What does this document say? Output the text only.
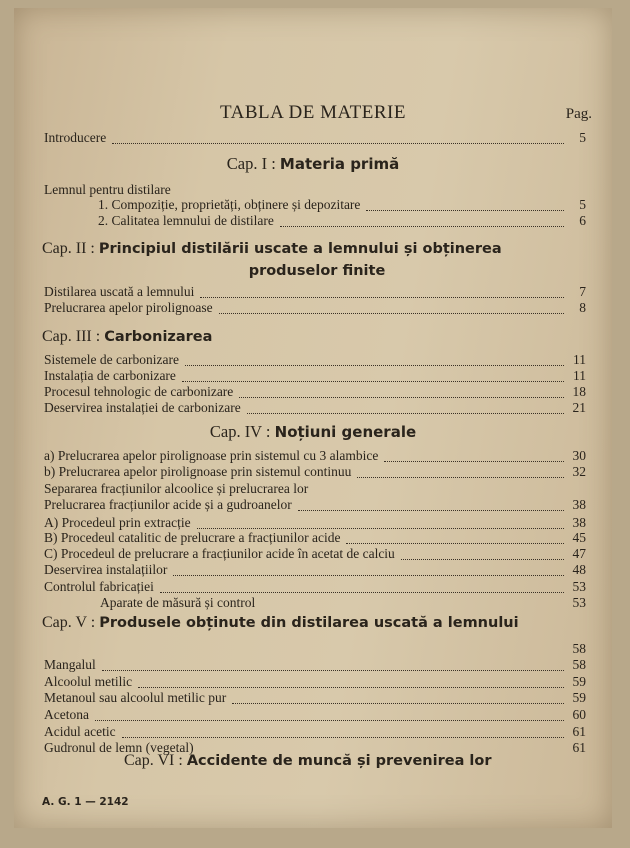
TABLA DE MATERIE	Pag.
Introducere	5
Cap. I : Materia primă
Lemnul pentru distilare
1. Compoziție, proprietăți, obținere și depozitare	5
2. Calitatea lemnului de distilare	6
Cap. II : Principiul distilării uscate a lemnului și obținerea
produselor finite
Distilarea uscată a lemnului	7
Prelucrarea apelor pirolignoase	8
Cap. III : Carbonizarea
Sistemele de carbonizare	11
Instalația de carbonizare	11
Procesul tehnologic de carbonizare	18
Deservirea instalației de carbonizare	21
Cap. IV : Noțiuni generale
a) Prelucrarea apelor pirolignoase prin sistemul cu 3 alambice	30
b) Prelucrarea apelor pirolignoase prin sistemul continuu	32
Separarea fracțiunilor alcoolice și prelucrarea lor
Prelucrarea fracțiunilor acide și a gudroanelor	38
A) Procedeul prin extracție	38
B) Procedeul catalitic de prelucrare a fracțiunilor acide	45
C) Procedeul de prelucrare a fracțiunilor acide în acetat de calciu	47
Deservirea instalațiilor	48
Controlul fabricației	53
Aparate de măsură și control	53
Cap. V : Produsele obținute din distilarea uscată a lemnului
58
Mangalul	58
Alcoolul metilic	59
Metanoul sau alcoolul metilic pur	59
Acetona	60
Acidul acetic	61
Gudronul de lemn (vegetal)	61
Cap. VI : Accidente de muncă și prevenirea lor
A. G. 1 — 2142
